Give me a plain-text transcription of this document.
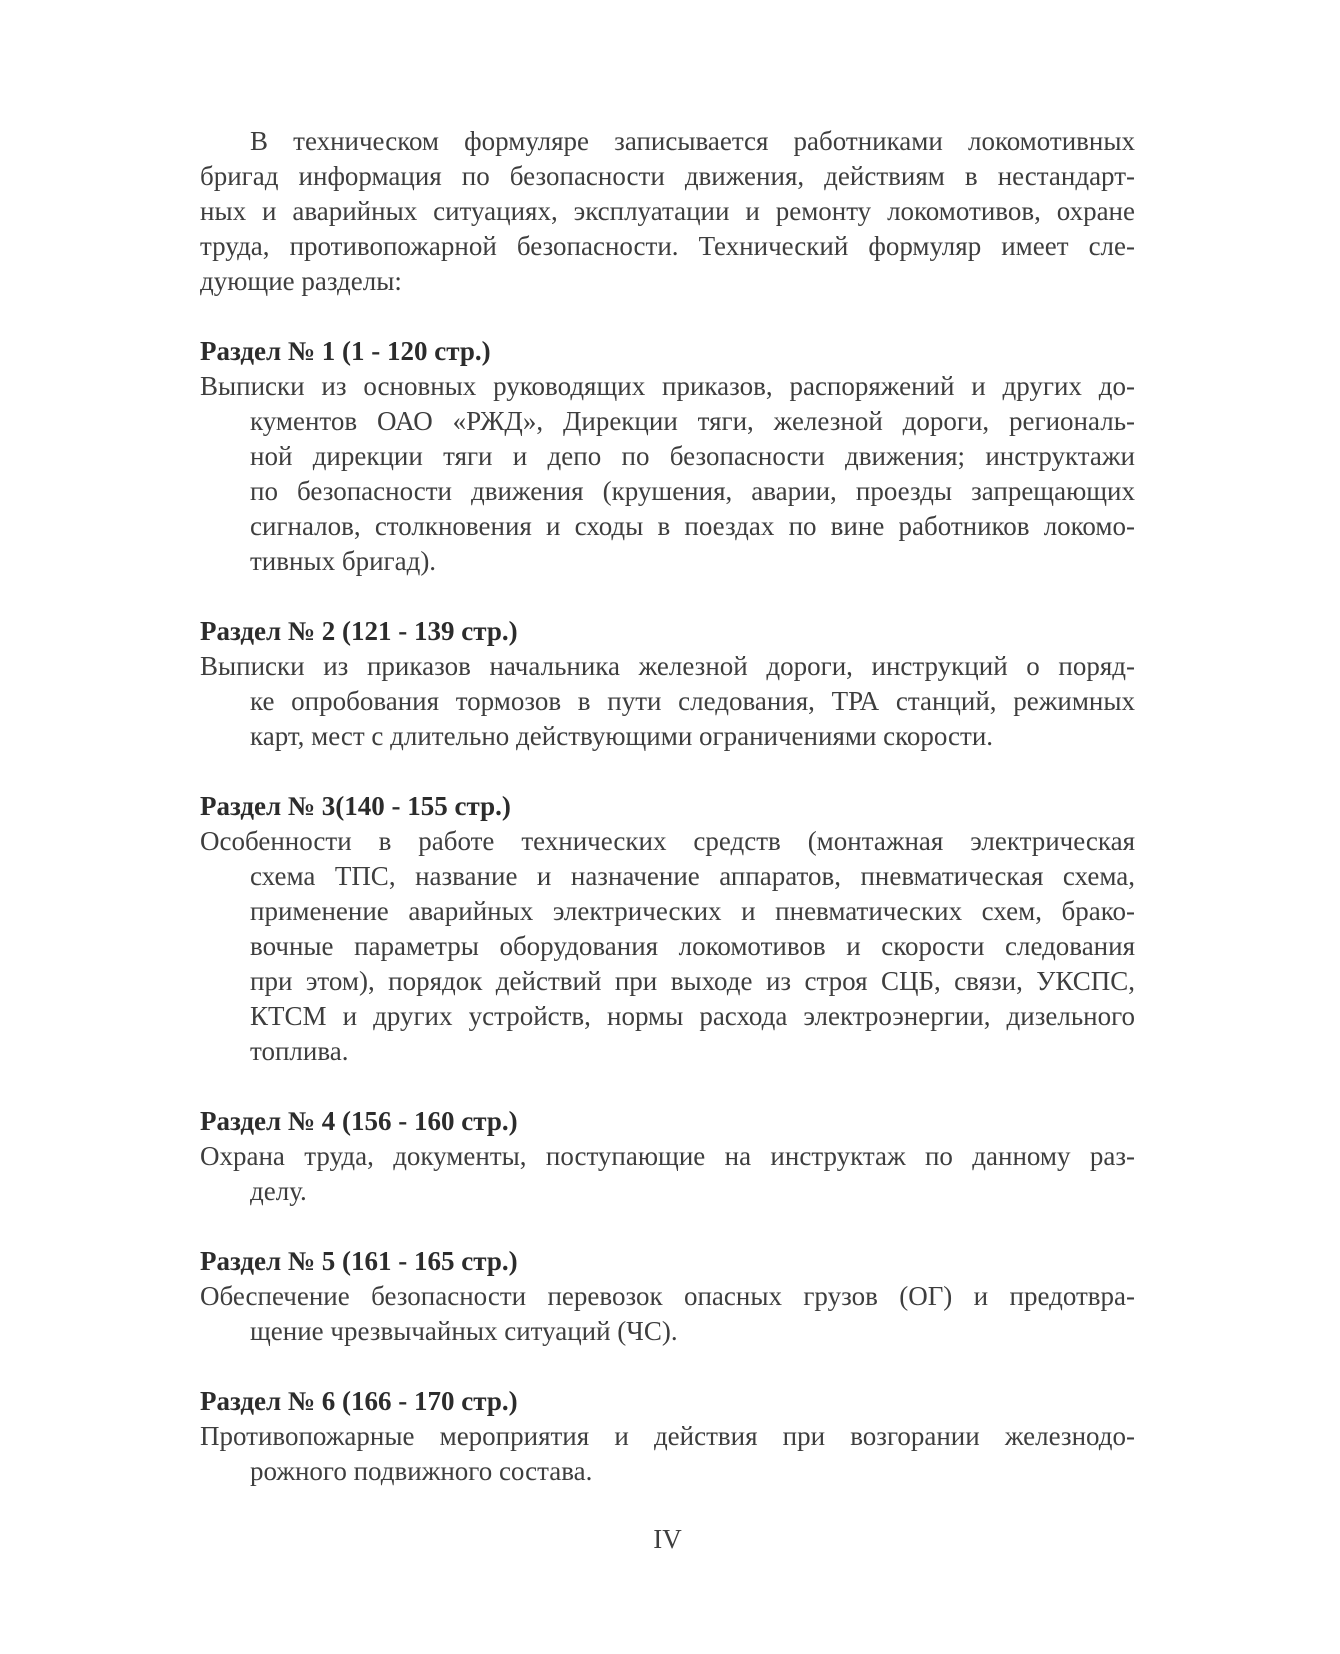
В техническом формуляре записывается работниками локомотивных
бригад информация по безопасности движения, действиям в нестандарт-
ных и аварийных ситуациях, эксплуатации и ремонту локомотивов, охране
труда, противопожарной безопасности. Технический формуляр имеет сле-
дующие разделы:
Раздел № 1 (1 - 120 стр.)
Выписки из основных руководящих приказов, распоряжений и других до-
кументов ОАО «РЖД», Дирекции тяги, железной дороги, региональ-
ной дирекции тяги и депо по безопасности движения; инструктажи
по безопасности движения (крушения, аварии, проезды запрещающих
сигналов, столкновения и сходы в поездах по вине работников локомо-
тивных бригад).
Раздел № 2 (121 - 139 стр.)
Выписки из приказов начальника железной дороги, инструкций о поряд-
ке опробования тормозов в пути следования, ТРА станций, режимных
карт, мест с длительно действующими ограничениями скорости.
Раздел № 3(140 - 155 стр.)
Особенности в работе технических средств (монтажная электрическая
схема ТПС, название и назначение аппаратов, пневматическая схема,
применение аварийных электрических и пневматических схем, брако-
вочные параметры оборудования локомотивов и скорости следования
при этом), порядок действий при выходе из строя СЦБ, связи, УКСПС,
КТСМ и других устройств, нормы расхода электроэнергии, дизельного
топлива.
Раздел № 4 (156 - 160 стр.)
Охрана труда, документы, поступающие на инструктаж по данному раз-
делу.
Раздел № 5 (161 - 165 стр.)
Обеспечение безопасности перевозок опасных грузов (ОГ) и предотвра-
щение чрезвычайных ситуаций (ЧС).
Раздел № 6 (166 - 170 стр.)
Противопожарные мероприятия и действия при возгорании железнодо-
рожного подвижного состава.
IV
